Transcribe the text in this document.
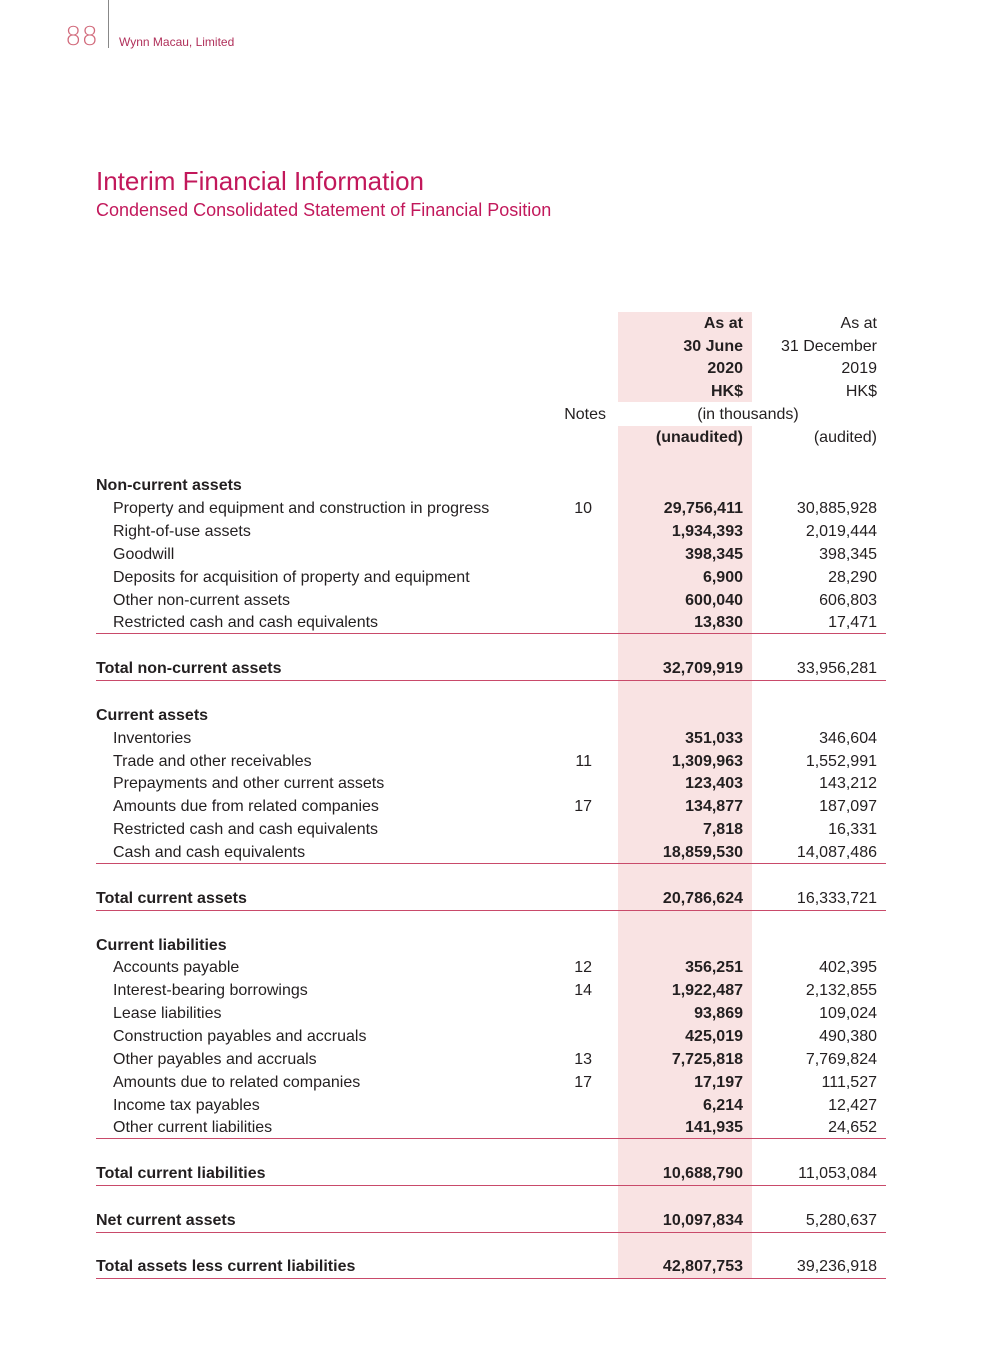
88 Wynn Macau, Limited
Interim Financial Information
Condensed Consolidated Statement of Financial Position
As at
30 June
2020
HK$
(unaudited)
As at
31 December
2019
HK$
(audited)
Notes	(in thousands)
Non-current assets
Property and equipment and construction in progress	10	29,756,411	30,885,928
Right-of-use assets	1,934,393	2,019,444
Goodwill	398,345	398,345
Deposits for acquisition of property and equipment	6,900	28,290
Other non-current assets	600,040	606,803
Restricted cash and cash equivalents	13,830	17,471
Total non-current assets	32,709,919	33,956,281
Current assets
Inventories	351,033	346,604
Trade and other receivables	11	1,309,963	1,552,991
Prepayments and other current assets	123,403	143,212
Amounts due from related companies	17	134,877	187,097
Restricted cash and cash equivalents	7,818	16,331
Cash and cash equivalents	18,859,530	14,087,486
Total current assets	20,786,624	16,333,721
Current liabilities
Accounts payable	12	356,251	402,395
Interest-bearing borrowings	14	1,922,487	2,132,855
Lease liabilities	93,869	109,024
Construction payables and accruals	425,019	490,380
Other payables and accruals	13	7,725,818	7,769,824
Amounts due to related companies	17	17,197	111,527
Income tax payables	6,214	12,427
Other current liabilities	141,935	24,652
Total current liabilities	10,688,790	11,053,084
Net current assets	10,097,834	5,280,637
Total assets less current liabilities	42,807,753	39,236,918
